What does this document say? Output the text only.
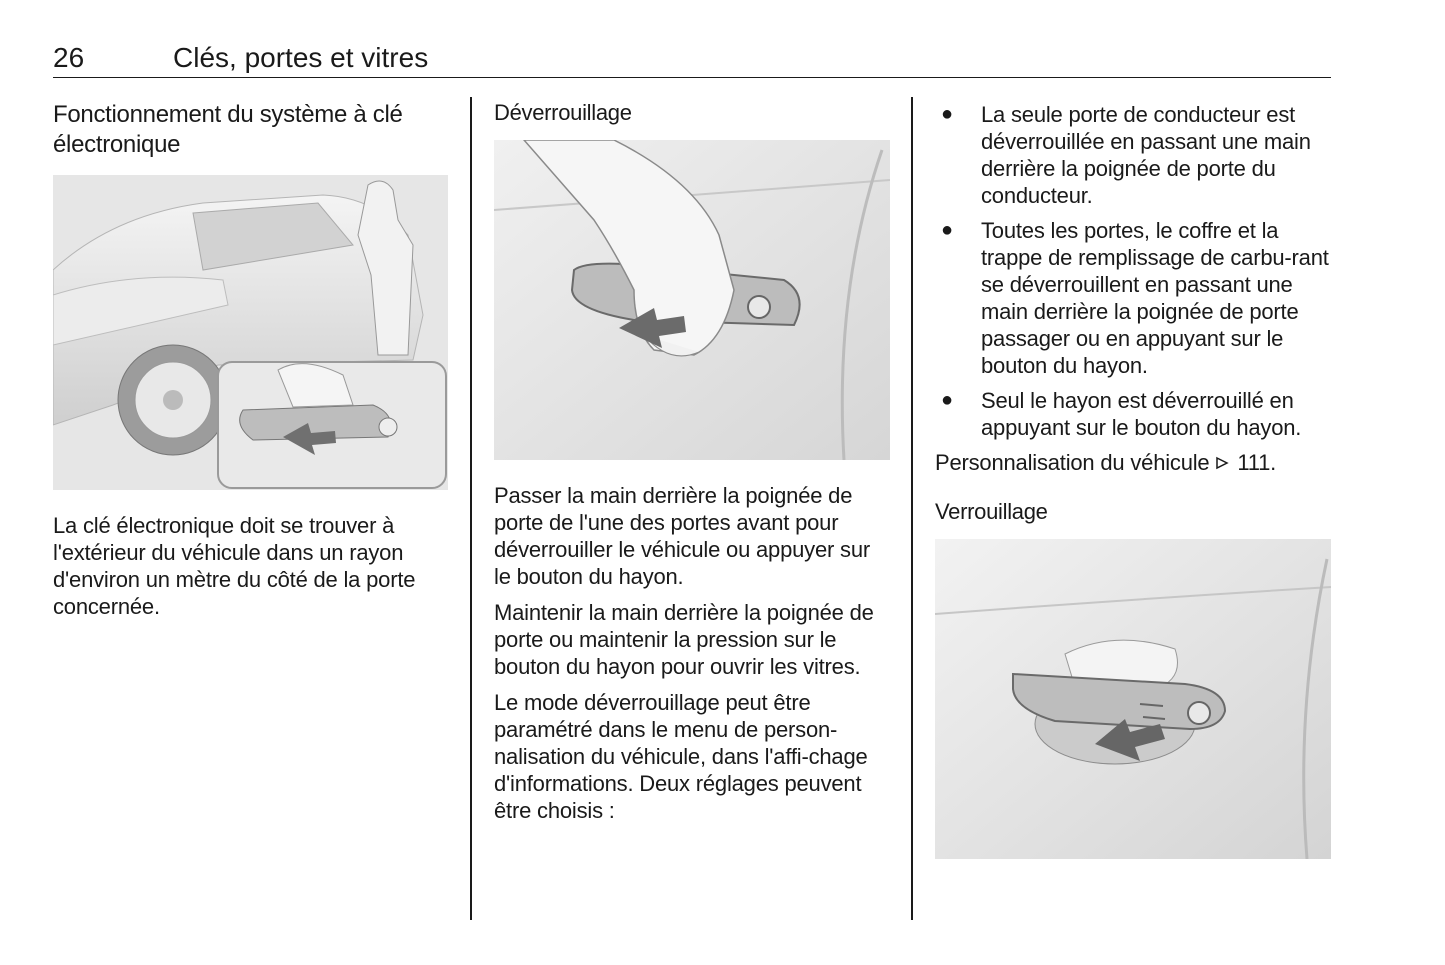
26	Clés, portes et vitres
Fonctionnement du système à clé électronique

La clé électronique doit se trouver à l'extérieur du véhicule dans un rayon d'environ un mètre du côté de la porte concernée.

Déverrouillage

Passer la main derrière la poignée de porte de l'une des portes avant pour déverrouiller le véhicule ou appuyer sur le bouton du hayon.

Maintenir la main derrière la poignée de porte ou maintenir la pression sur le bouton du hayon pour ouvrir les vitres.

Le mode déverrouillage peut être paramétré dans le menu de person-nalisation du véhicule, dans l'affi-chage d'informations. Deux réglages peuvent être choisis :

● La seule porte de conducteur est déverrouillée en passant une main derrière la poignée de porte du conducteur.
● Toutes les portes, le coffre et la trappe de remplissage de carbu-rant se déverrouillent en passant une main derrière la poignée de porte passager ou en appuyant sur le bouton du hayon.
● Seul le hayon est déverrouillé en appuyant sur le bouton du hayon.

Personnalisation du véhicule 111.

Verrouillage
